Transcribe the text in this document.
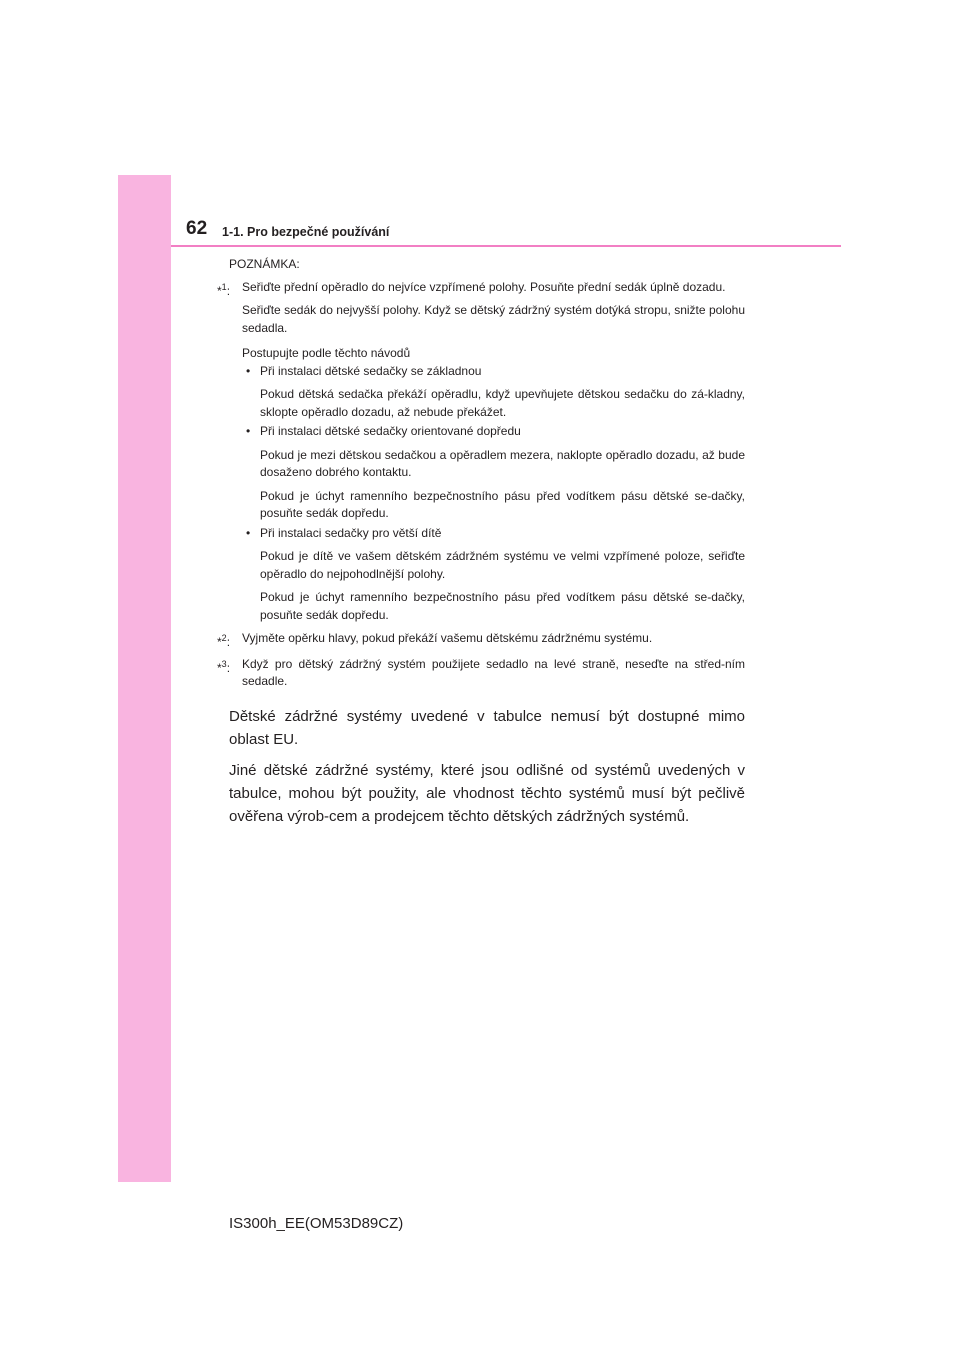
62 1-1. Pro bezpečné používání
POZNÁMKA:
*$^1$: Seřiďte přední opěradlo do nejvíce vzpřímené polohy. Posuňte přední sedák úplně dozadu.
Seřiďte sedák do nejvyšší polohy. Když se dětský zádržný systém dotýká stropu, snižte polohu sedadla.
Postupujte podle těchto návodů
• Při instalaci dětské sedačky se základnou
Pokud dětská sedačka překáží opěradlu, když upevňujete dětskou sedačku do zá-kladny, sklopte opěradlo dozadu, až nebude překážet.
• Při instalaci dětské sedačky orientované dopředu
Pokud je mezi dětskou sedačkou a opěradlem mezera, naklopte opěradlo dozadu, až bude dosaženo dobrého kontaktu.
Pokud je úchyt ramenního bezpečnostního pásu před vodítkem pásu dětské se-dačky, posuňte sedák dopředu.
• Při instalaci sedačky pro větší dítě
Pokud je dítě ve vašem dětském zádržném systému ve velmi vzpřímené poloze, seřiďte opěradlo do nejpohodlnější polohy.
Pokud je úchyt ramenního bezpečnostního pásu před vodítkem pásu dětské se-dačky, posuňte sedák dopředu.
*$^2$: Vyjměte opěrku hlavy, pokud překáží vašemu dětskému zádržnému systému.
*$^3$: Když pro dětský zádržný systém použijete sedadlo na levé straně, neseďte na střed-ním sedadle.
Dětské zádržné systémy uvedené v tabulce nemusí být dostupné mimo oblast EU.
Jiné dětské zádržné systémy, které jsou odlišné od systémů uvedených v tabulce, mohou být použity, ale vhodnost těchto systémů musí být pečlivě ověřena výrob-cem a prodejcem těchto dětských zádržných systémů.
IS300h_EE(OM53D89CZ)
